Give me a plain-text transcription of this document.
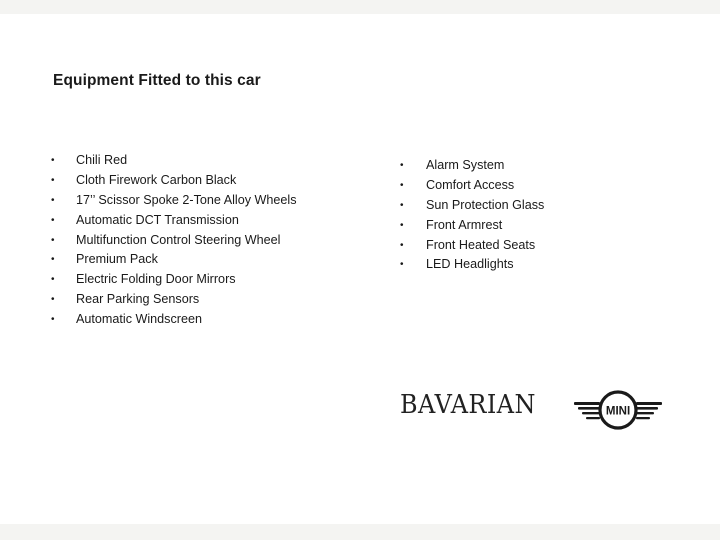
Equipment Fitted to this car
• Chili Red
• Cloth Firework Carbon Black
• 17’’ Scissor Spoke 2-Tone Alloy Wheels
• Automatic DCT Transmission
• Multifunction Control Steering Wheel
• Premium Pack
• Electric Folding Door Mirrors
• Rear Parking Sensors
• Automatic Windscreen
• Alarm System
• Comfort Access
• Sun Protection Glass
• Front Armrest
• Front Heated Seats
• LED Headlights
BAVARIAN	MINI
